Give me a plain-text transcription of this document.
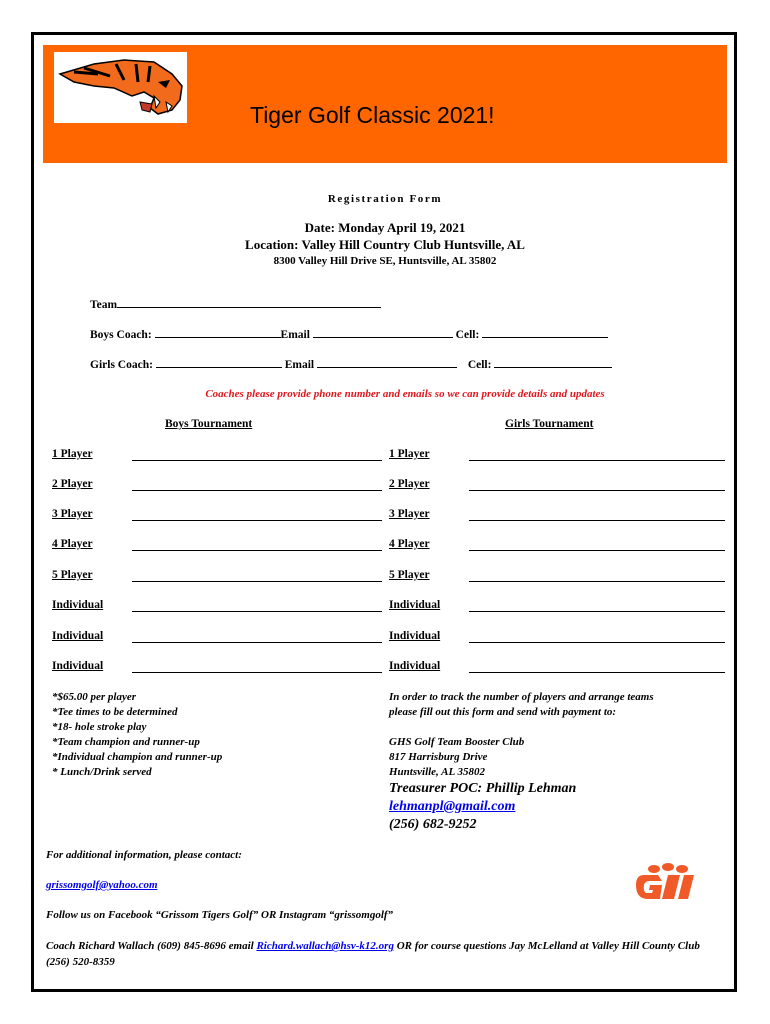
Tiger Golf Classic 2021!
Registration Form
Date: Monday April 19, 2021
Location: Valley Hill Country Club Huntsville, AL
8300 Valley Hill Drive SE, Huntsville, AL 35802
Team
Boys Coach:	Email	Cell:
Girls Coach:	Email	Cell:
Coaches please provide phone number and emails so we can provide details and updates
Boys Tournament	Girls Tournament
1 Player	1 Player
2 Player	2 Player
3 Player	3 Player
4 Player	4 Player
5 Player	5 Player
Individual	Individual
Individual	Individual
Individual	Individual
*$65.00 per player
*Tee times to be determined
*18- hole stroke play
*Team champion and runner-up
*Individual champion and runner-up
* Lunch/Drink served
In order to track the number of players and arrange teams
please fill out this form and send with payment to:
GHS Golf Team Booster Club
817 Harrisburg Drive
Huntsville, AL 35802
Treasurer POC: Phillip Lehman
lehmanpl@gmail.com
(256) 682-9252
For additional information, please contact:
grissomgolf@yahoo.com
Follow us on Facebook “Grissom Tigers Golf” OR Instagram “grissomgolf”
Coach Richard Wallach (609) 845-8696 email Richard.wallach@hsv-k12.org OR for course questions Jay McLelland at Valley Hill County Club (256) 520-8359
